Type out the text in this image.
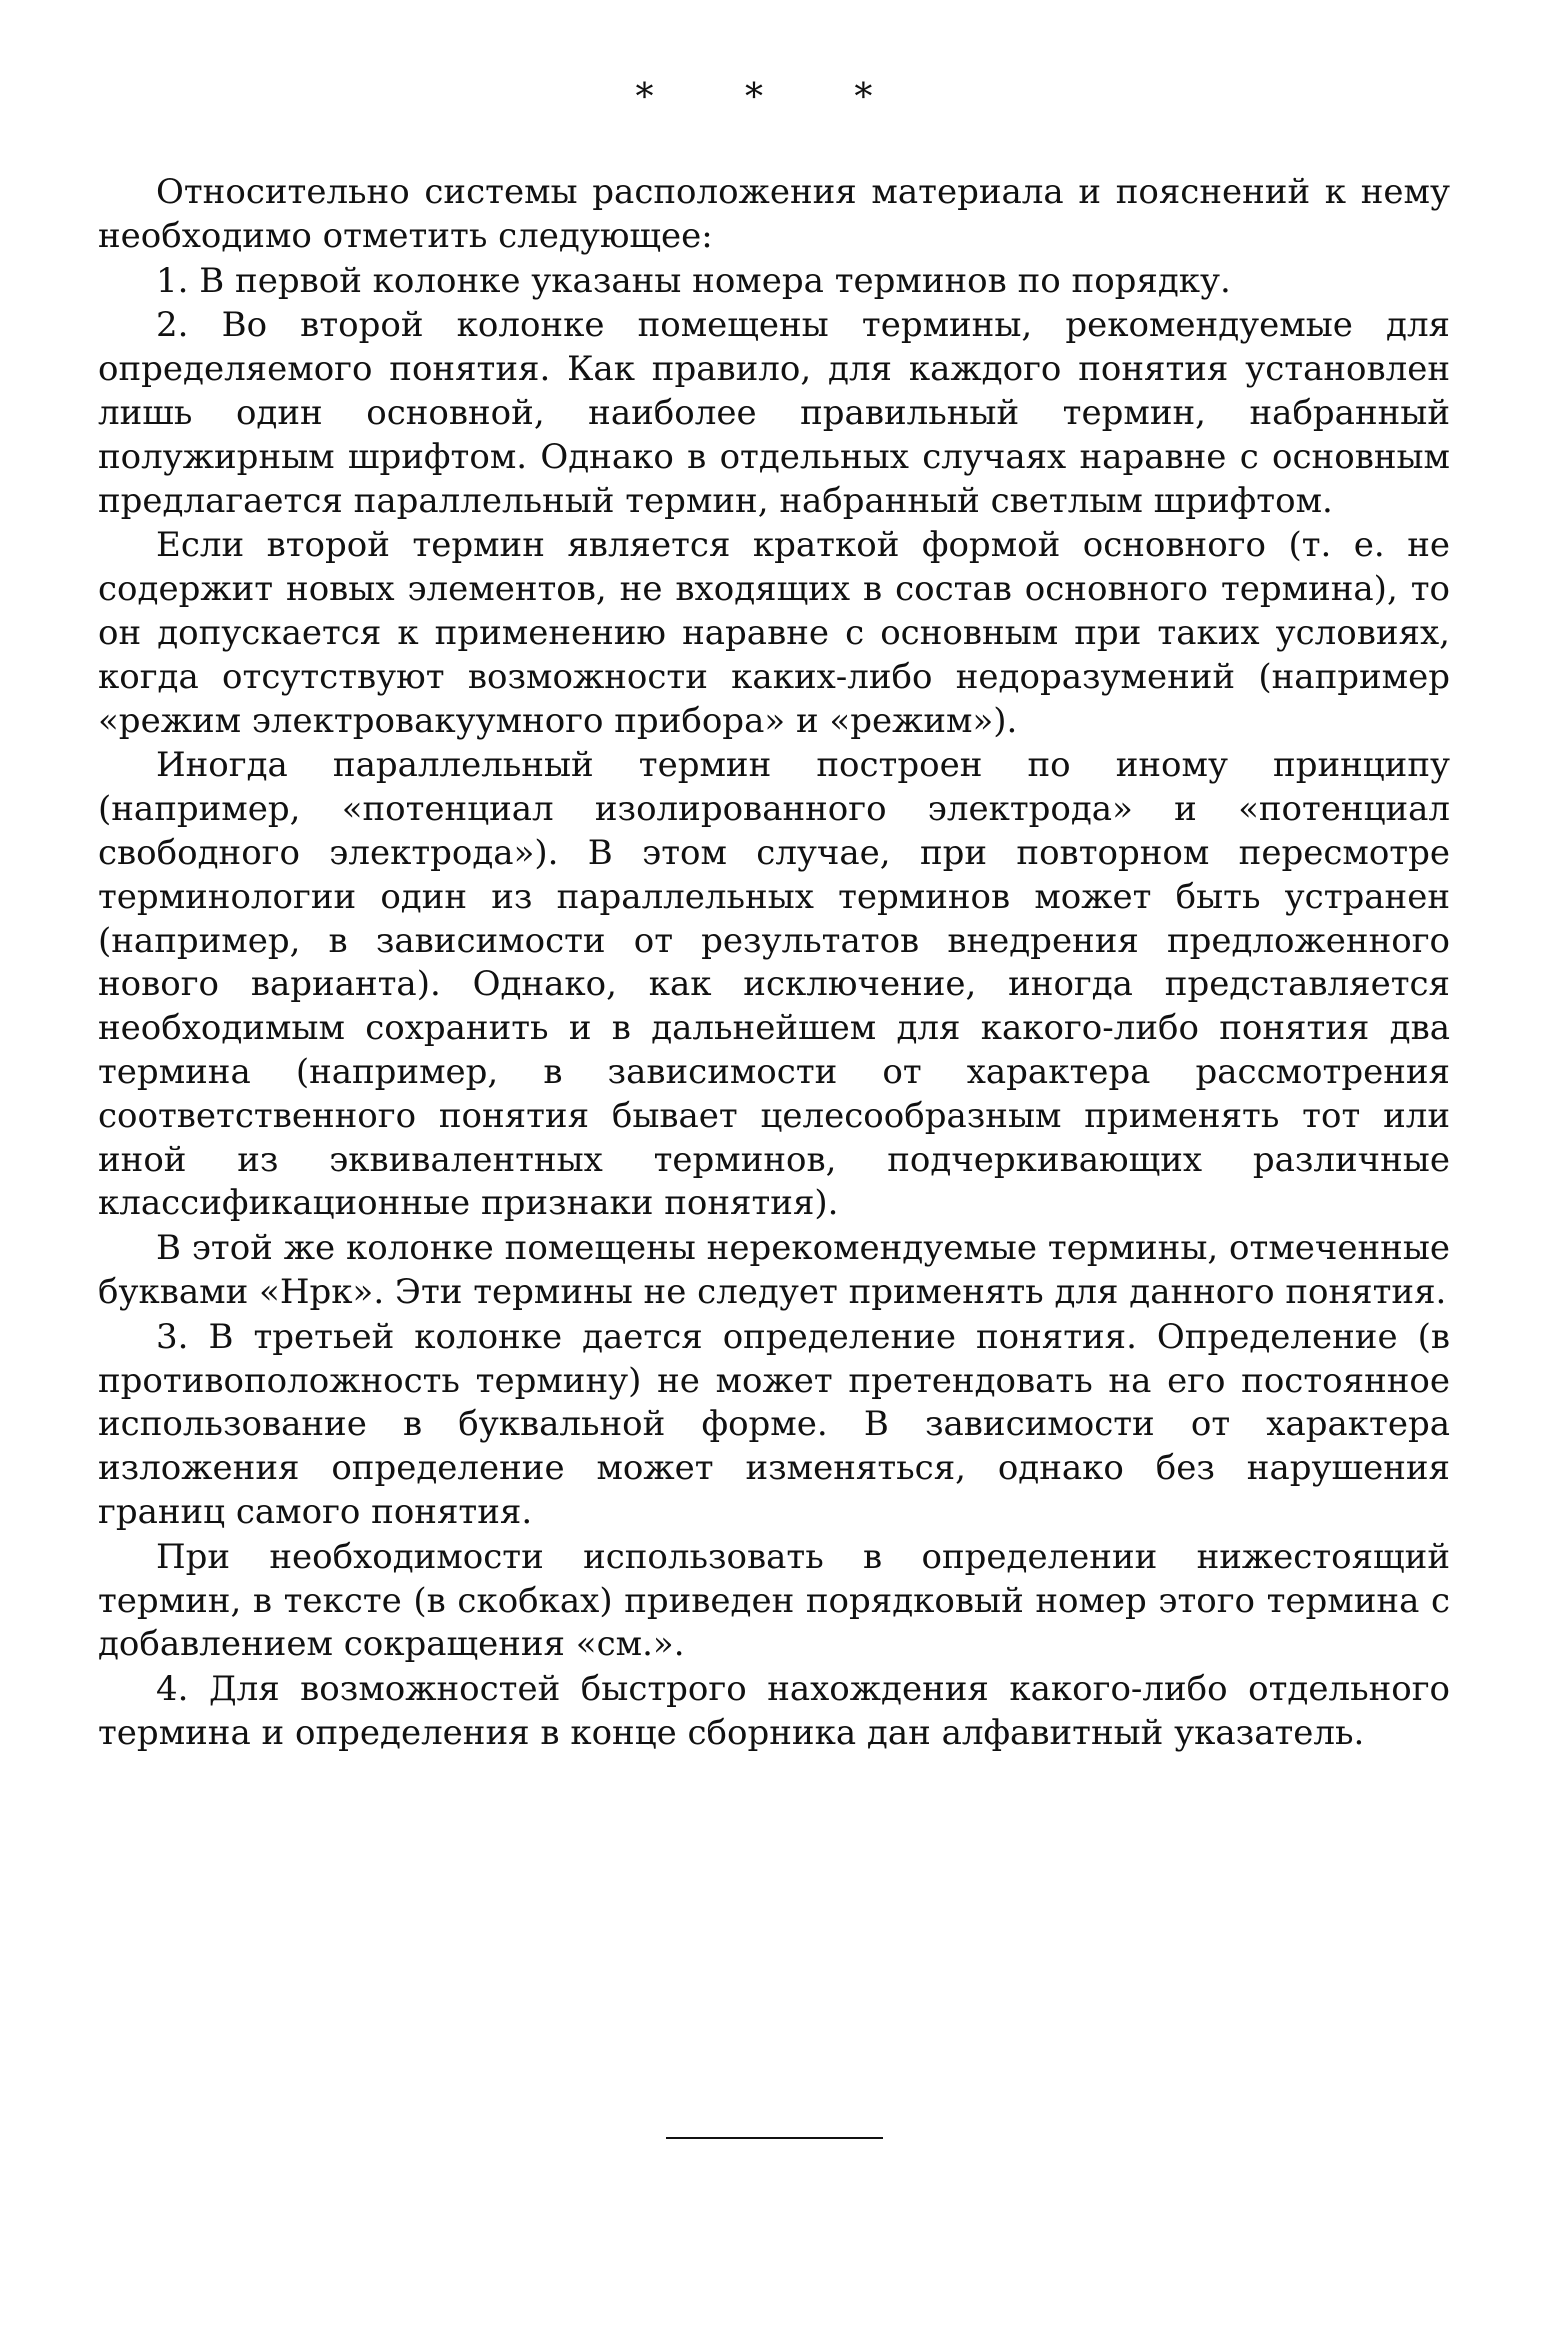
* * *

Относительно системы расположения материала и пояснений к нему необходимо отметить следующее:

1. В первой колонке указаны номера терминов по порядку.

2. Во второй колонке помещены термины, рекомендуемые для определяемого понятия. Как правило, для каждого понятия установлен лишь один основной, наиболее правильный термин, набранный полужирным шрифтом. Однако в отдельных случаях наравне с основным предлагается параллельный термин, набранный светлым шрифтом.

Если второй термин является краткой формой основного (т. е. не содержит новых элементов, не входящих в состав основного термина), то он допускается к применению наравне с основным при таких условиях, когда отсутствуют возможности каких-либо недоразумений (например «режим электровакуумного прибора» и «режим»).

Иногда параллельный термин построен по иному принципу (например, «потенциал изолированного электрода» и «потенциал свободного электрода»). В этом случае, при повторном пересмотре терминологии один из параллельных терминов может быть устранен (например, в зависимости от результатов внедрения предложенного нового варианта). Однако, как исключение, иногда представляется необходимым сохранить и в дальнейшем для какого-либо понятия два термина (например, в зависимости от характера рассмотрения соответственного понятия бывает целесообразным применять тот или иной из эквивалентных терминов, подчеркивающих различные классификационные признаки понятия).

В этой же колонке помещены нерекомендуемые термины, отмеченные буквами «Нрк». Эти термины не следует применять для данного понятия.

3. В третьей колонке дается определение понятия. Определение (в противоположность термину) не может претендовать на его постоянное использование в буквальной форме. В зависимости от характера изложения определение может изменяться, однако без нарушения границ самого понятия.

При необходимости использовать в определении нижестоящий термин, в тексте (в скобках) приведен порядковый номер этого термина с добавлением сокращения «см.».

4. Для возможностей быстрого нахождения какого-либо отдельного термина и определения в конце сборника дан алфавитный указатель.
